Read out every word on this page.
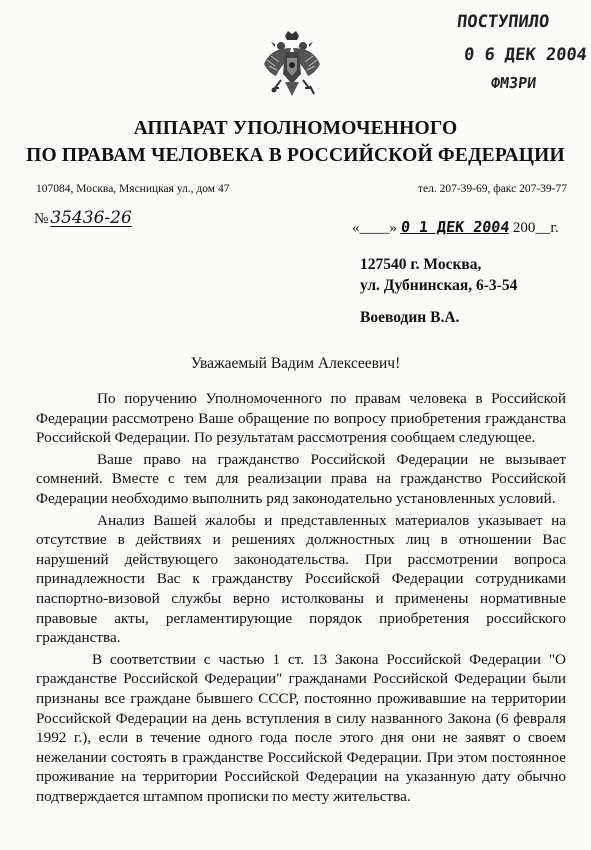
ПОСТУПИЛО
0 6 ДЕК 2004
ФМЗРИ
АППАРАТ УПОЛНОМОЧЕННОГО
ПО ПРАВАМ ЧЕЛОВЕКА В РОССИЙСКОЙ ФЕДЕРАЦИИ
107084, Москва, Мясницкая ул., дом 47	тел. 207-39-69, факс 207-39-77
№ 35436-26	«____» 0 1 ДЕК 2004 200__г.
127540 г. Москва,
ул. Дубнинская, 6-3-54
Воеводин В.А.
Уважаемый Вадим Алексеевич!

По поручению Уполномоченного по правам человека в Российской Федерации рассмотрено Ваше обращение по вопросу приобретения гражданства Российской Федерации. По результатам рассмотрения сообщаем следующее.

Ваше право на гражданство Российской Федерации не вызывает сомнений. Вместе с тем для реализации права на гражданство Российской Федерации необходимо выполнить ряд законодательно установленных условий.

Анализ Вашей жалобы и представленных материалов указывает на отсутствие в действиях и решениях должностных лиц в отношении Вас нарушений действующего законодательства. При рассмотрении вопроса принадлежности Вас к гражданству Российской Федерации сотрудниками паспортно-визовой службы верно истолкованы и применены нормативные правовые акты, регламентирующие порядок приобретения российского гражданства.

В соответствии с частью 1 ст. 13 Закона Российской Федерации "О гражданстве Российской Федерации" гражданами Российской Федерации были признаны все граждане бывшего СССР, постоянно проживавшие на территории Российской Федерации на день вступления в силу названного Закона (6 февраля 1992 г.), если в течение одного года после этого дня они не заявят о своем нежелании состоять в гражданстве Российской Федерации. При этом постоянное проживание на территории Российской Федерации на указанную дату обычно подтверждается штампом прописки по месту жительства.
